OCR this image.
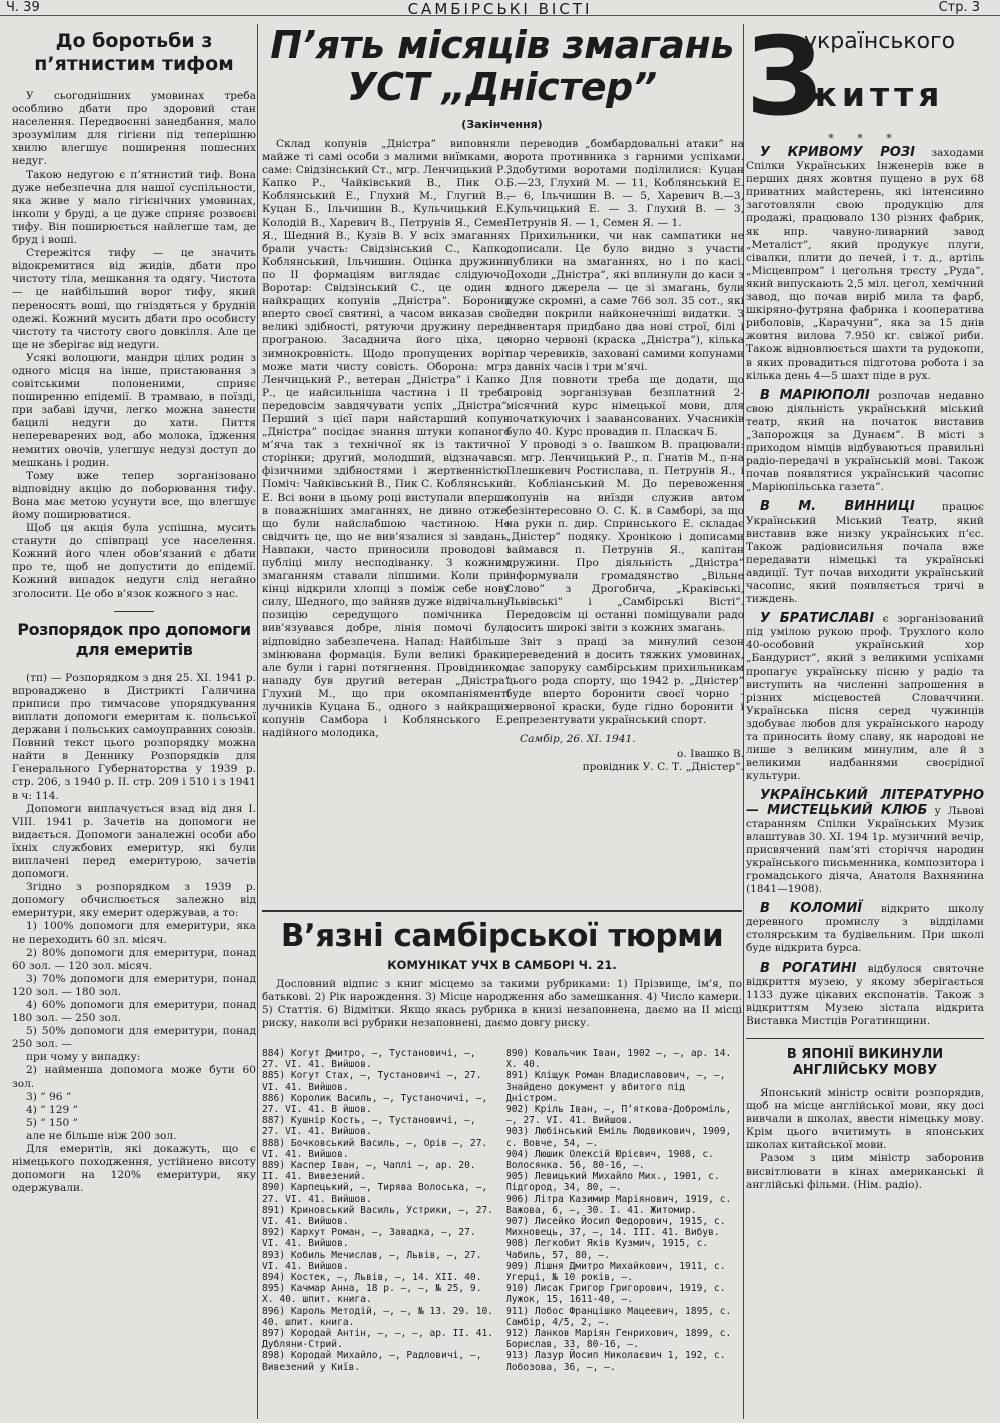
Ч. 39	САМБІРСЬКІ ВІСТІ	Стр. 3
До боротьби з п’ятнистим тифом

У сьогоднішних умовинах треба особливо дбати про здоровий стан населення. Передвоєнні занедбання, мало зрозумілим для гігієни під теперішню хвилю влегшує поширення пошесних недуг.

Такою недугою є п’ятнистий тиф. Вона дуже небезпечна для нашої суспільности, яка живе у мало гігієнічних умовинах, інколи у бруді, а це дуже сприяє розвоєві тифу. Він поширюється найлегше там, де бруд і воші.

Стережітся тифу — це значить відокремитися від жидів, дбати про чистоту тіла, мешкання та одягу. Чистота — це найбільший ворог тифу, який переносять воші, що гніздяться у брудній одежі. Кожний мусить дбати про особисту чистоту та чистоту свого довкілля. Але це ще не зберігає від недуги.

Усякі волоцюги, мандри цілих родин з одного місця на інше, пристаювання з совітськими полоненими, сприяє поширенню епідемії. В трамваю, в поїзді, при забаві ідучи, легко можна занести бацилі недуги до хати. Пиття непереварених вод, або молока, їдження немитих овочів, улегшує недузі доступ до мешкань і родин.

Тому вже тепер зорганізовано відповідну акцію до поборювання тифу. Вона має метою усунути все, що влегшує йому поширюватися.

Щоб ця акція була успішна, мусить станути до співпраці усе населення. Кожний його член обов’язаний є дбати про те, щоб не допустити до епідемії. Кожний випадок недуги слід негайно зголосити. Це обо в’язок кожного з нас.

Розпорядок про допомоги для емеритів

(тп) — Розпорядком з дня 25. XI. 1941 р. впроваджено в Дистрикті Галичина приписи про тимчасове упорядкування виплати допомоги емеритам к. польської держави і польських самоуправних союзів. Повний текст цього розпорядку можна найти в Деннику Розпорядків для Генерального Губернаторства у 1939 р. стр. 206, з 1940 р. II. стр. 209 і 510 і з 1941 в ч: 114.

Допомоги виплачується взад від дня I. VIII. 1941 р. Зачетів на допомоги не видається. Допомоги заналежні особи або їхніх службових емеритур, які були виплачені перед емеритурою, зачетів допомоги.

Згідно з розпорядком з 1939 р. допомогу обчислюється залежно від емеритури, яку емерит одержував, а то:

1) 100% допомоги для емеритури, яка не переходить 60 зл. місяч.

2) 80% допомоги для емеритури, понад 60 зол. — 120 зол. місяч.

3) 70% допомоги для емеритури, понад 120 зол. — 180 зол.

4) 60% допомоги для емеритури, понад 180 зол. — 250 зол.

5) 50% допомоги для емеритури, понад 250 зол. —

при чому у випадку:

2) найменша допомога може бути 60 зол.

3) ” 96 ”

4) ” 129 ”

5) ” 150 ”

але не більше ніж 200 зол.

Для емеритів, які докажуть, що є німецького походження, устійнено висоту допомоги на 120% емеритури, яку одержували.

П’ять місяців змагань
УСТ „Дністер”
(Закінчення)

Склад копунів „Дністра” виповняли майже ті самі особи з малими виїмками, а саме: Свідзінський Ст., мгр. Ленчицький Р., Капко Р., Чайківський В., Пик О., Коблянський Е., Глухий М., Глугий В., Куцан Б., Ільчишин В., Кульчицький Е., Колодій В., Харевич В., Петрунів Я., Семен Я., Шедний В., Кузів В. У всіх змаганнях брали участь: Свідзінський С., Капко, Коблянський, Ільчишин. Оцінка дружини по II формаціям виглядає слідуючо: Воротар: Свідзінський С., це один з найкращих копунів „Дністра”. Боронив вперто своєї святині, а часом виказав свої великі здібності, рятуючи дружину перед програною. Засадничa його ціха, це зимнокровність. Щодо пропущених воріт може мати чисту совість. Оборона: мгр. Ленчицький Р., ветеран „Дністра” і Капко Р., це найсильніша частина і II треба передовсім завдячувати успіх „Дністра”. Перший з цієї пари найстарший копун „Дністра” посідає знання штуки копаного м’яча так з технічної як із тактичної сторінки; другий, молодший, відзначався фізичними здібностями і жертвенністю. Поміч: Чайківський В., Пик С. Коблянський Е. Всі вони в цьому році виступали вперше в поважніших змаганнях, не дивно отже, що були найслабшою частиною. Не свідчить це, що не вив’язалися зі завдань. Навпаки, часто приносили проводові і публіці милу несподіванку. З кожним змаганням ставали ліпшими. Коли при кінці відкрили хлопці з поміж себе нову силу, Шедного, що зайняв дуже відвічальну позицію середущого помічника і вив’язувався добре, лінія помочі була відповідно забезпечена. Напад: Найбільше змінювана формація. Були великі браки, але були і гарні потягнення. Провідником нападу був другий ветеран „Дністра” Глухий М., що при окомпаніяменті лучників Куцана Б., одного з найкращих копунів Самбора і Коблянського Е., надійного молодика,

переводив „бомбардовальні атаки” на ворота противника з гарними успіхами. Здобутими воротами поділилися: Куцан Б.—23, Глухий М. — 11, Коблянський Е. — 6, Ільчишин В. — 5, Харевич В.—3, Кульчицький Е. — 3. Глухий В. — 3, Петрунів Я. — 1, Семен Я. — 1.

Прихильники, чи нак сампатики не дописали. Це було видно з участи публики на змаганнях, но і по касі. Доходи „Дністра”, які вплинули до каси з одного джерела — це зі змагань, були дуже скромні, а саме 766 зол. 35 сот., які ледви покрили найконечніші видатки. З інвентаря придбано два нові строї, білі і чорно червоні (краска „Дністра”), кілька пар черевиків, заховані самими копунами з давніх часів і три м’ячі.

Для повноти треба ще додати, що провід зорганізував безплатний 2-місячний курс німецької мови, для початкуючих і заавансованих. Учасників було 40. Курс провадив п. Пласкач Б.

У проводі з о. Івашком В. працювали: п. мгр. Ленчицький Р., п. Гнатів М., п-на Плешкевич Ростислава, п. Петрунів Я., і п. Кобліанський М. До перевоження копунів на виїзди служив автом безінтересовно О. С. К. в Самборі, за що на руки п. дир. Спринського Е. складає „Дністер” подяку. Хронікою і дописами займався п. Петрунів Я., капітан дружини. Про діяльність „Дністра” інформували громадянство „Вільне Слово” з Дрогобича, „Краківські, Львівські” і „Самбірські Вісті”. Передовсім ці останні поміщували радо досить широкі звіти з кожних змагань.

Звіт з праці за минулий сезон переведений в досить тяжких умовинах, дає запоруку самбірським прихильникам цього рода спорту, що 1942 р. „Дністер” буде вперто боронити своєї чорно - червоної краски, буде гідно боронити і репрезентувати український спорт.

Самбір, 26. XI. 1941.

о. Івашко В.

провідник У. С. Т. „Дністер”.

В’язні самбірської тюрми
КОМУНІКАТ УЧХ В САМБОРІ Ч. 21.
Дословний відпис з книг місцемо за такими рубриками: 1) Прізвище, ім’я, по батькові. 2) Рік нарождення. 3) Місце народження або замешкання. 4) Число камери. 5) Статтія. 6) Відмітки. Якщо якась рубрика в книзі незаповнена, даємо на II місці риску, наколи всі рубрики незаповнені, даємо довгу риску.
884) Когут Дмитро, —, Тустановичі, —, 27. VI. 41. Вийшов.
885) Когут Стах, —, Тустановичі —, 27. VI. 41. Вийшов.
886) Королик Василь, —, Тустаночичі, —, 27. VI. 41. В йшов.
887) Кушнір Кость, —, Тустановичі, —, 27. VI. 41. Вийшов.
888) Бочковський Василь, —, Орів —, 27. VI. 41. Вийшов.
889) Каспер Іван, —, Чаплі —, ар. 20. II. 41. Вивезений.
890) Карпецький, —, Тирява Волоська, —, 27. VI. 41. Вийшов.
891) Криновський Василь, Устрики, —, 27. VI. 41. Вийшов.
892) Кархут Роман, —, Завадка, —, 27. VI. 41. Вийшов.
893) Кобиль Мечислав, —, Львів, —, 27. VI. 41. Вийшов.
894) Костек, —, Львів, —, 14. XII. 40. 895) Качмар Анна, 18 р. —, —, № 25, 9. X. 40. шпит. книга.
896) Кароль Методій, —, —, № 13. 29. 10. 40. шпит. книга.
897) Кородай Антін, —, —, —, ар. II. 41. Дубляни-Стрий.
898) Кородай Михайло, —, Радловичі, —, Вивезений у Київ.
890) Ковальчик Іван, 1902 —, —, ар. 14. X. 40.
891) Кліщук Роман Владиславович, —, —, Знайдено документ у вбитого під Дністром.
902) Крiль Іван, —, Пʼяткова-Доброміль, —, 27. VI. 41. Вийшов.
903) Любінський Еміль Людвикович, 1909, с. Вовче, 54, —.
904) Люшик Олексій Юрієвич, 1908, с. Волосянка. 56, 80-16, —.
905) Левицький Михайло Мих., 1901, с. Підгород, 34, 80, —.
906) Літра Казимир Маріянович, 1919, с. Важова, 6, —, 30. I. 41. Житомир.
907) Лисейко Йосип Федорович, 1915, с. Михновець, 37, —, 14. III. 41. Вибув.
908) Легкобит Яків Кузмич, 1915, с. Чабиль, 57, 80, —.
909) Лішня Дмитро Михайкович, 1911, с. Угерці, № 10 років, —.
910) Лисак Григор Григорович, 1919, с. Лужок, 15, 1611-40, —.
911) Лобос Францішко Мацеевич, 1895, с. Самбір, 4/5, 2, —.
912) Ланков Маріян Генрихович, 1899, с. Борислав, 33, 80-16, —.
913) Лазур Йосип Николаєвич 1, 192, с. Лобозова, 36, —, —.
З
українського
життя
* * *

У КРИВОМУ РОЗІ заходами Спілки Українських Інженерів вже в перших днях жовтня пущено в рух 68 приватних майстерень, які інтенсивно заготовляли свою продукцію для продажі, працювало 130 різних фабрик, як нпр. чавуно-ливарний завод „Металіст”, який продукує плуги, сівалки, плити до печей, і т. д., артіль „Місцевпром” і цегольня трєсту „Руда”, який випускають 2,5 міл. цегол, хемічний завод, що почав виріб мила та фарб, шкіряно-футряна фабрика і кооператива риболовів, „Карачуни”, яка за 15 днів жовтня вилова 7.950 кг. свіжої риби. Також відновлюється шахти та рудокопи, в яких провадиться підготова робота і за кілька день 4—5 шахт піде в рух.

В МАРІЮПОЛІ розпочав недавно свою діяльність український міський театр, який на початок виставив „Запорожця за Дунаєм”. В місті з приходом німців відбуваються правильні радіо-передачі в українській мові. Також почав появлятися український часопис „Маріюпільська газета”.

В М. ВИННИЦІ працює Український Міський Театр, який виставив вже низку українських пʼєс. Також радіовисильня почала вже передавати німецькі та українські авдиції. Тут почав виходити український часопис, який появляється тричі в тиждень.

У БРАТИСЛАВІ є зорганізований під умілою рукою проф. Трухлого коло 40-особовий український хор „Бандурист”, який з великими успіхами пропагує українську пісню у радіо та виступить на численні запрошення в різних місцевостей Словаччини. Українська пісня серед чужинців здобуває любов для українського народу та приносить йому славу, як народові не лише з великим минулим, але й з великими надбаннями своєрідної культури.

УКРАЇНСЬКИЙ ЛІТЕРАТУРНО — МИСТЕЦЬКИЙ КЛЮБ у Львові старанням Спілки Українських Музик влаштував 30. XI. 194 1р. музичний вечір, присвячений памʼяті сторіччя народин українського письменника, композитора і громадського діяча, Анатоля Вахнянина (1841—1908).

В КОЛОМИЇ відкрито школу деревного промислу з відділами столярським та будівельним. При школі буде відкрита бурса.

В РОГАТИНІ відбулося святочне відкриття музею, у якому зберігається 1133 дуже цікавих експонатів. Також з відкриттям Музею зістала відкрита Виставка Мистців Рогатинщини.

В ЯПОНІЇ ВИКИНУЛИ АНГЛІЙСЬКУ МОВУ

Японський міністр освіти розпорядив, щоб на місце англійської мови, яку досі вивчали в школах, ввести німецьку мову. Крім цього вчитимуть в японських школах китайської мови.

Разом з цим міністр заборонив висвітлювати в кінах американські й англійські фільми. (Нім. радіо).
